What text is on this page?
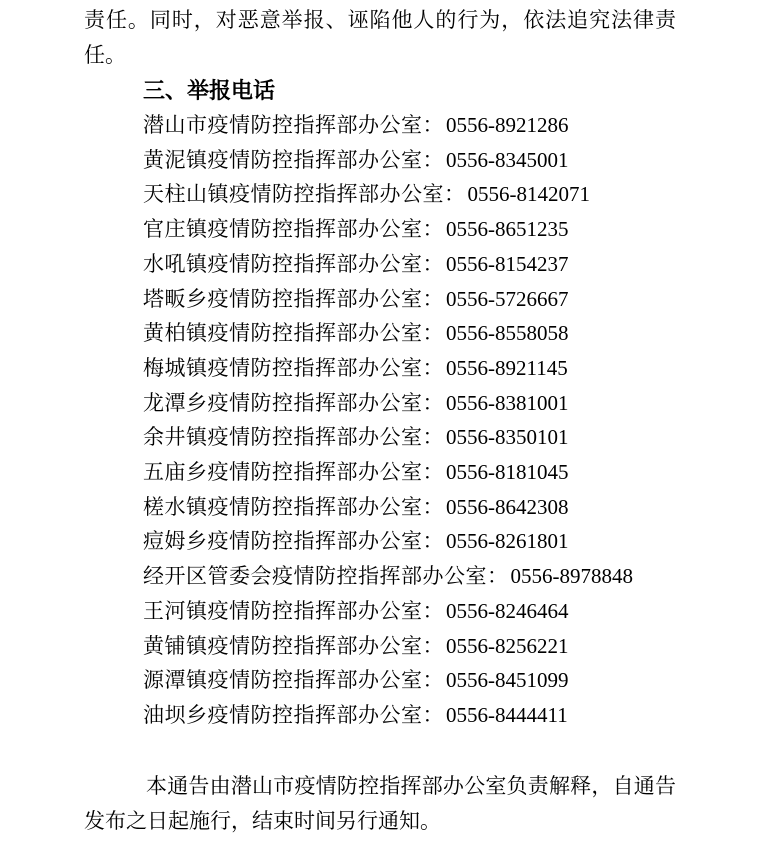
责任。同时，对恶意举报、诬陷他人的行为，依法追究法律责任。

三、举报电话
潜山市疫情防控指挥部办公室：0556-8921286
黄泥镇疫情防控指挥部办公室：0556-8345001
天柱山镇疫情防控指挥部办公室：0556-8142071
官庄镇疫情防控指挥部办公室：0556-8651235
水吼镇疫情防控指挥部办公室：0556-8154237
塔畈乡疫情防控指挥部办公室：0556-5726667
黄柏镇疫情防控指挥部办公室：0556-8558058
梅城镇疫情防控指挥部办公室：0556-8921145
龙潭乡疫情防控指挥部办公室：0556-8381001
余井镇疫情防控指挥部办公室：0556-8350101
五庙乡疫情防控指挥部办公室：0556-8181045
槎水镇疫情防控指挥部办公室：0556-8642308
痘姆乡疫情防控指挥部办公室：0556-8261801
经开区管委会疫情防控指挥部办公室：0556-8978848
王河镇疫情防控指挥部办公室：0556-8246464
黄铺镇疫情防控指挥部办公室：0556-8256221
源潭镇疫情防控指挥部办公室：0556-8451099
油坝乡疫情防控指挥部办公室：0556-8444411

本通告由潜山市疫情防控指挥部办公室负责解释，自通告发布之日起施行，结束时间另行通知。
